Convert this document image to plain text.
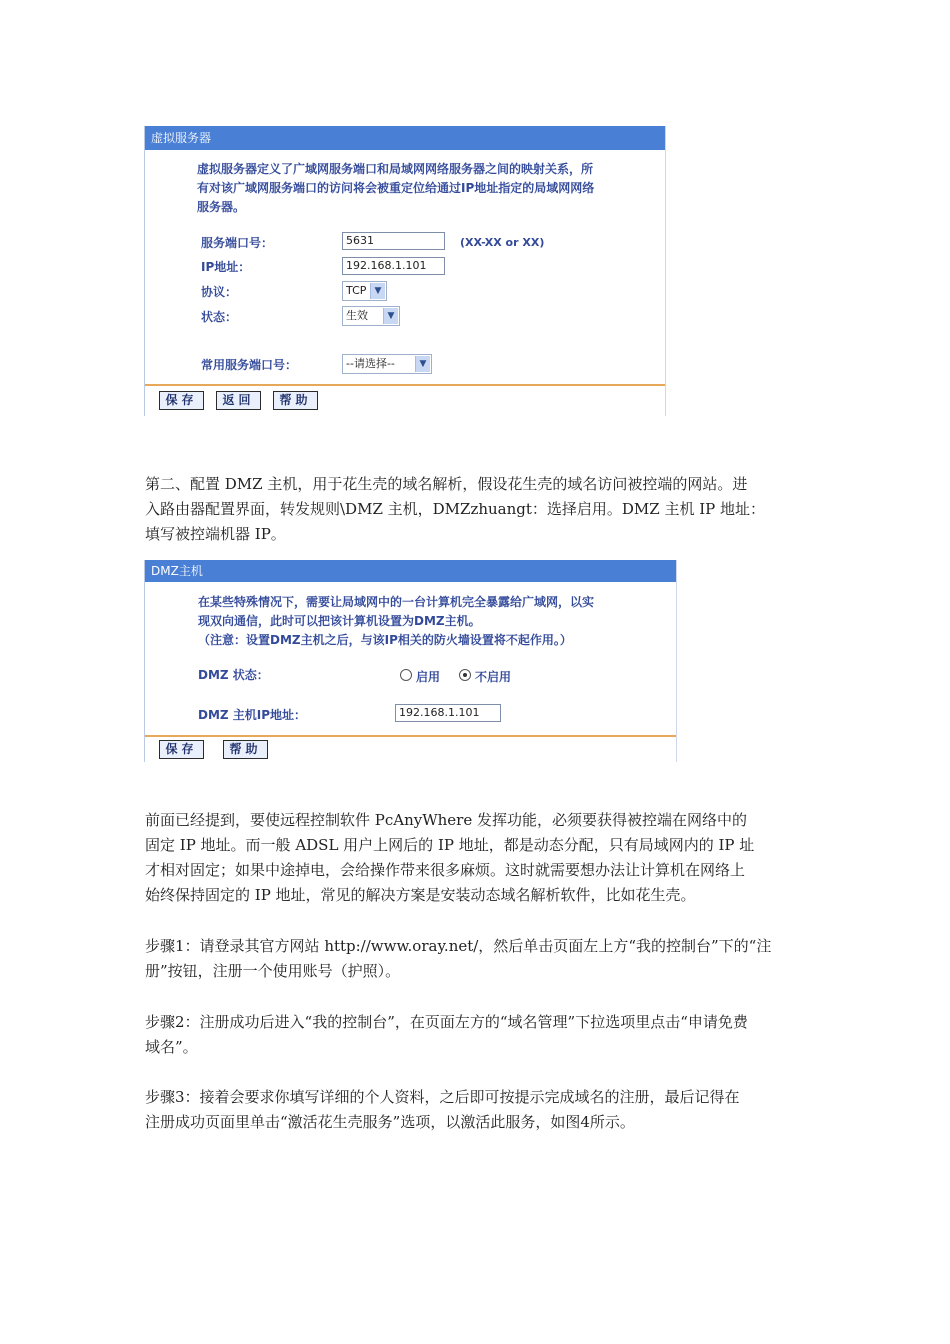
虚拟服务器
虚拟服务器定义了广域网服务端口和局域网网络服务器之间的映射关系，所
有对该广域网服务端口的访问将会被重定位给通过IP地址指定的局域网网络
服务器。
服务端口号：	5631	(XX-XX or XX)
IP地址：	192.168.1.101
协议：	TCP ▼
状态：	生效	▼
常用服务端口号：	--请选择--	▼
保存	返回	帮助
第二、配置 DMZ 主机，用于花生壳的域名解析，假设花生壳的域名访问被控端的网站。进
入路由器配置界面，转发规则\DMZ 主机，DMZzhuangt：选择启用。DMZ 主机 IP 地址：
填写被控端机器 IP。
DMZ主机
在某些特殊情况下，需要让局域网中的一台计算机完全暴露给广域网，以实
现双向通信，此时可以把该计算机设置为DMZ主机。
（注意：设置DMZ主机之后，与该IP相关的防火墙设置将不起作用。）
DMZ 状态：	启用	不启用
DMZ 主机IP地址：	192.168.1.101
保存	帮助
前面已经提到，要使远程控制软件 PcAnyWhere 发挥功能，必须要获得被控端在网络中的
固定 IP 地址。而一般 ADSL 用户上网后的 IP 地址，都是动态分配，只有局域网内的 IP 址
才相对固定；如果中途掉电，会给操作带来很多麻烦。这时就需要想办法让计算机在网络上
始终保持固定的 IP 地址，常见的解决方案是安装动态域名解析软件，比如花生壳。
步骤1：请登录其官方网站 http://www.oray.net/，然后单击页面左上方“我的控制台”下的“注
册”按钮，注册一个使用账号（护照）。
步骤2：注册成功后进入“我的控制台”，在页面左方的“域名管理”下拉选项里点击“申请免费
域名”。
步骤3：接着会要求你填写详细的个人资料，之后即可按提示完成域名的注册，最后记得在
注册成功页面里单击“激活花生壳服务”选项，以激活此服务，如图4所示。
